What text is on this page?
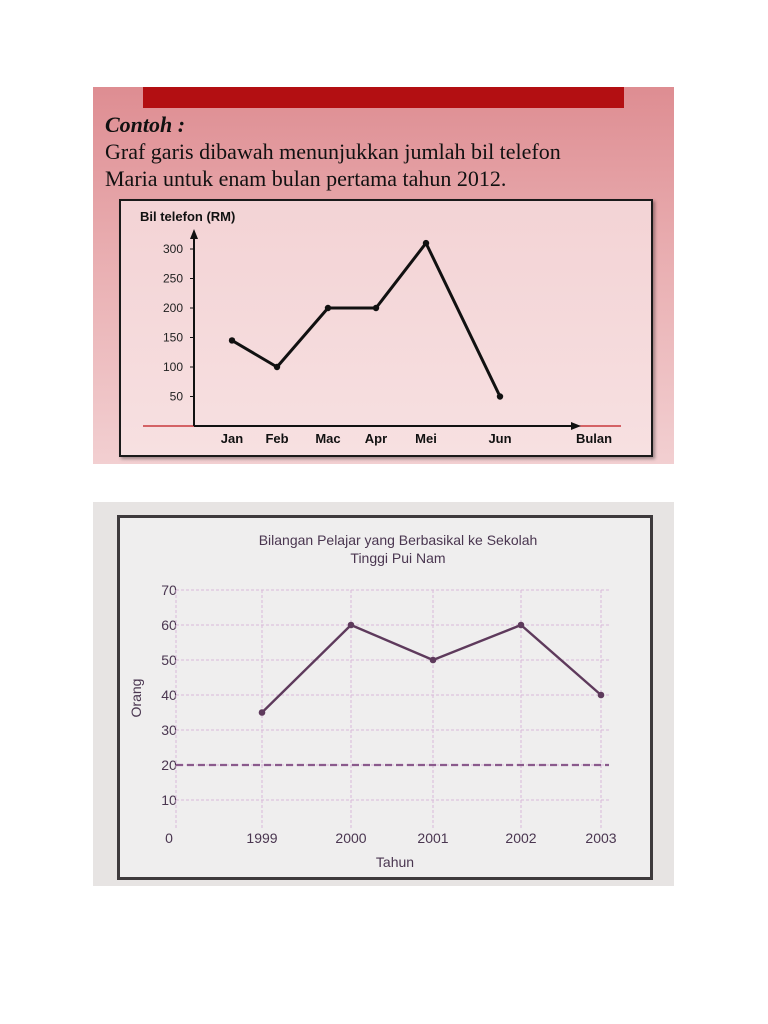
Contoh :
Graf garis dibawah menunjukkan jumlah bil telefon
Maria untuk enam bulan pertama tahun 2012.
Bil telefon (RM)
50
100
150
200
250
300
Jan Feb Mac Apr Mei	Jun	Bulan
Bilangan Pelajar yang Berbasikal ke Sekolah
Tinggi Pui Nam
10
20
30
40
50
60
70
0	1999	2000	2001	2002	2003
Tahun
Orang
